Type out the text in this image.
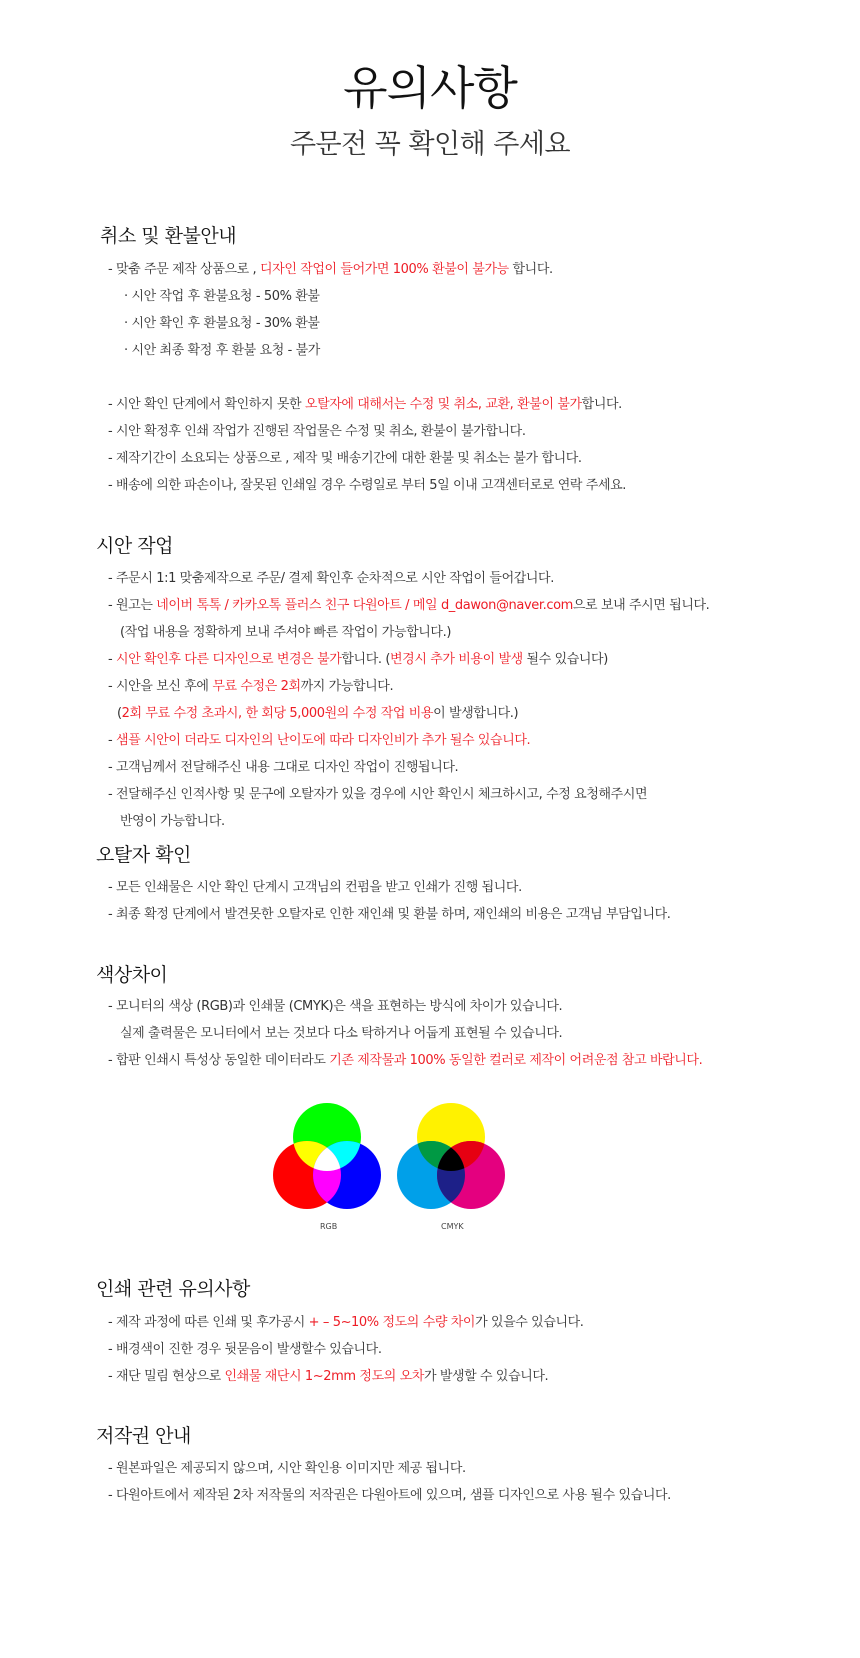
유의사항
주문전 꼭 확인해 주세요
취소 및 환불안내
- 맞춤 주문 제작 상품으로 , 디자인 작업이 들어가면 100% 환불이 불가능 합니다.
· 시안 작업 후 환불요청 - 50% 환불
· 시안 확인 후 환불요청 - 30% 환불
· 시안 최종 확정 후 환불 요청 - 불가
- 시안 확인 단계에서 확인하지 못한 오탈자에 대해서는 수정 및 취소, 교환, 환불이 불가합니다.
- 시안 확정후 인쇄 작업가 진행된 작업물은 수정 및 취소, 환불이 불가합니다.
- 제작기간이 소요되는 상품으로 , 제작 및 배송기간에 대한 환불 및 취소는 불가 합니다.
- 배송에 의한 파손이나, 잘못된 인쇄일 경우 수령일로 부터 5일 이내 고객센터로로 연락 주세요.
시안 작업
- 주문시 1:1 맞춤제작으로 주문/ 결제 확인후 순차적으로 시안 작업이 들어갑니다.
- 원고는 네이버 톡톡 / 카카오톡 플러스 친구 다원아트 / 메일 d_dawon@naver.com으로 보내 주시면 됩니다.
(작업 내용을 정확하게 보내 주셔야 빠른 작업이 가능합니다.)
- 시안 확인후 다른 디자인으로 변경은 불가합니다. (변경시 추가 비용이 발생 될수 있습니다)
- 시안을 보신 후에 무료 수정은 2회까지 가능합니다.
(2회 무료 수정 초과시, 한 회당 5,000원의 수정 작업 비용이 발생합니다.)
- 샘플 시안이 더라도 디자인의 난이도에 따라 디자인비가 추가 될수 있습니다.
- 고객님께서 전달해주신 내용 그대로 디자인 작업이 진행됩니다.
- 전달해주신 인적사항 및 문구에 오탈자가 있을 경우에 시안 확인시 체크하시고, 수정 요청해주시면
반영이 가능합니다.
오탈자 확인
- 모든 인쇄물은 시안 확인 단계시 고객님의 컨펌을 받고 인쇄가 진행 됩니다.
- 최종 확정 단계에서 발견못한 오탈자로 인한 재인쇄 및 환불 하며, 재인쇄의 비용은 고객님 부담입니다.
색상차이
- 모니터의 색상 (RGB)과 인쇄물 (CMYK)은 색을 표현하는 방식에 차이가 있습니다.
실제 출력물은 모니터에서 보는 것보다 다소 탁하거나 어둡게 표현될 수 있습니다.
- 합판 인쇄시 특성상 동일한 데이터라도 기존 제작물과 100% 동일한 컬러로 제작이 어려운점 참고 바랍니다.
RGB	CMYK
인쇄 관련 유의사항
- 제작 과정에 따른 인쇄 및 후가공시 + – 5~10% 정도의 수량 차이가 있을수 있습니다.
- 배경색이 진한 경우 뒷묻음이 발생할수 있습니다.
- 재단 밀림 현상으로 인쇄물 재단시 1~2mm 정도의 오차가 발생할 수 있습니다.
저작권 안내
- 원본파일은 제공되지 않으며, 시안 확인용 이미지만 제공 됩니다.
- 다원아트에서 제작된 2차 저작물의 저작권은 다원아트에 있으며, 샘플 디자인으로 사용 될수 있습니다.
